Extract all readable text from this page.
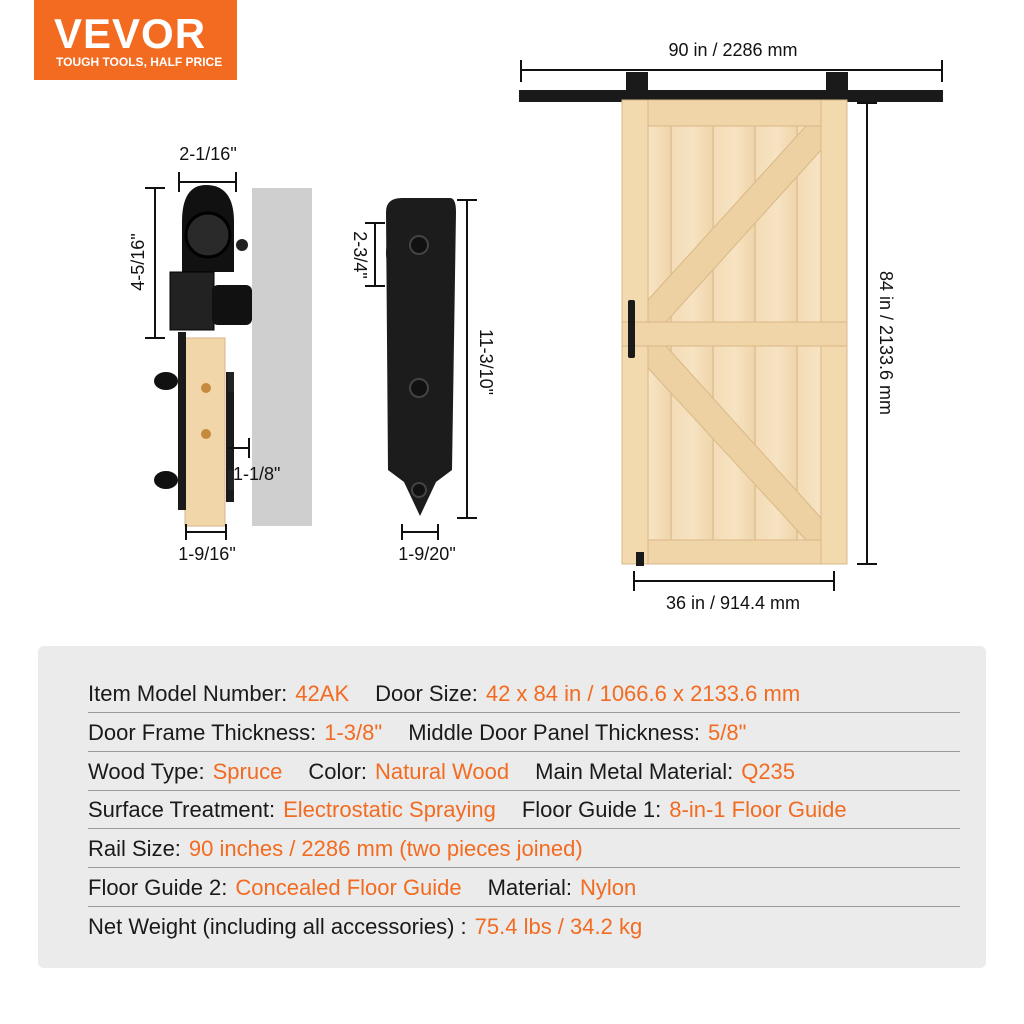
VEVOR
TOUGH TOOLS, HALF PRICE
2-1/16"
4-5/16"
1-1/8"
1-9/16"
2-3/4"
11-3/10"
1-9/20"
90 in / 2286 mm
84 in / 2133.6 mm
36 in / 914.4 mm
Item Model Number: 42AK Door Size: 42 x 84 in / 1066.6 x 2133.6 mm
Door Frame Thickness: 1-3/8" Middle Door Panel Thickness: 5/8"
Wood Type: Spruce Color: Natural Wood Main Metal Material: Q235
Surface Treatment: Electrostatic Spraying Floor Guide 1: 8-in-1 Floor Guide
Rail Size: 90 inches / 2286 mm (two pieces joined)
Floor Guide 2: Concealed Floor Guide Material: Nylon
Net Weight (including all accessories) : 75.4 lbs / 34.2 kg
